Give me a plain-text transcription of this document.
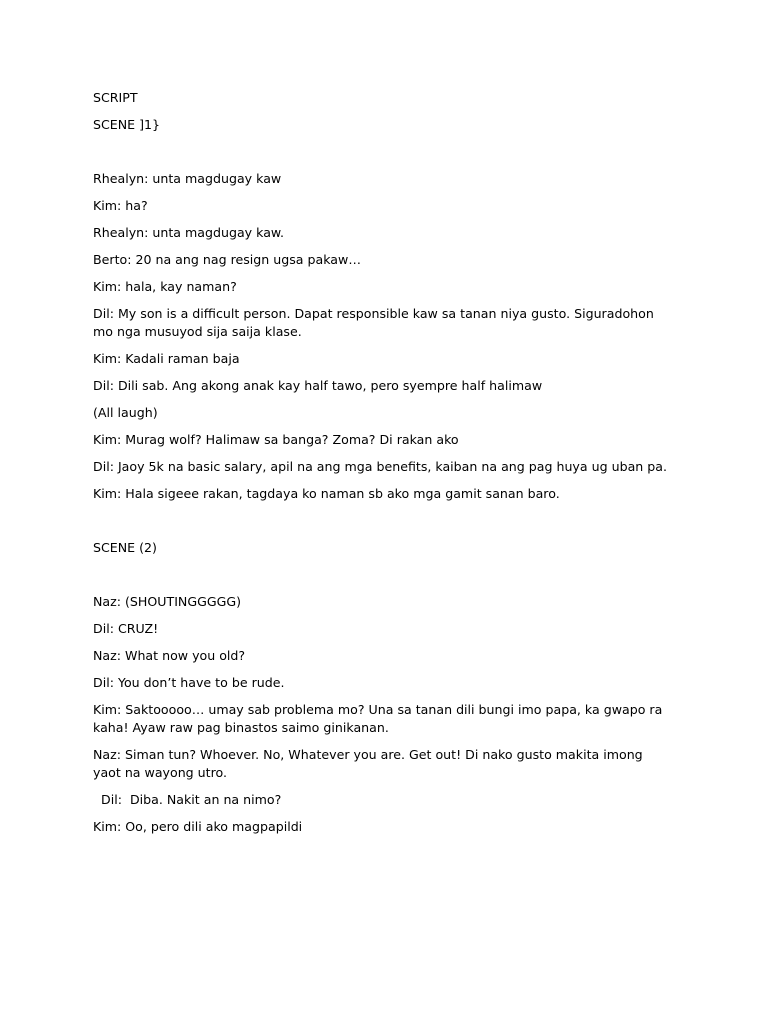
SCRIPT

SCENE ]1}

Rhealyn: unta magdugay kaw

Kim: ha?

Rhealyn: unta magdugay kaw.

Berto: 20 na ang nag resign ugsa pakaw…

Kim: hala, kay naman?

Dil: My son is a difficult person. Dapat responsible kaw sa tanan niya gusto. Siguradohon mo nga musuyod sija saija klase.

Kim: Kadali raman baja

Dil: Dili sab. Ang akong anak kay half tawo, pero syempre half halimaw

(All laugh)

Kim: Murag wolf? Halimaw sa banga? Zoma? Di rakan ako

Dil: Jaoy 5k na basic salary, apil na ang mga benefits, kaiban na ang pag huya ug uban pa.

Kim: Hala sigeee rakan, tagdaya ko naman sb ako mga gamit sanan baro.

SCENE (2)

Naz: (SHOUTINGGGGG)

Dil: CRUZ!

Naz: What now you old?

Dil: You don’t have to be rude.

Kim: Saktooooo… umay sab problema mo? Una sa tanan dili bungi imo papa, ka gwapo ra kaha! Ayaw raw pag binastos saimo ginikanan.

Naz: Siman tun? Whoever. No, Whatever you are. Get out! Di nako gusto makita imong yaot na wayong utro.

Dil:  Diba. Nakit an na nimo?

Kim: Oo, pero dili ako magpapildi
